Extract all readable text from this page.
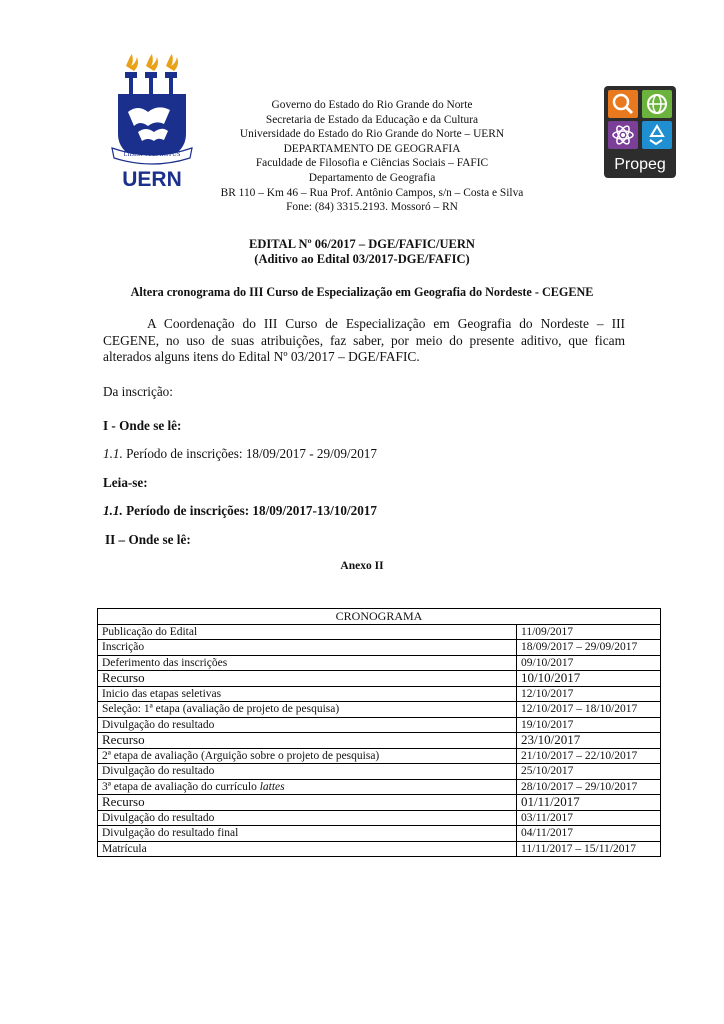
LIBER VI SPIRITUS
UERN
Propeg
Governo do Estado do Rio Grande do Norte
Secretaria de Estado da Educação e da Cultura
Universidade do Estado do Rio Grande do Norte – UERN
DEPARTAMENTO DE GEOGRAFIA
Faculdade de Filosofia e Ciências Sociais – FAFIC
Departamento de Geografia
BR 110 – Km 46 – Rua Prof. Antônio Campos, s/n – Costa e Silva
Fone: (84) 3315.2193. Mossoró – RN
EDITAL Nº 06/2017 – DGE/FAFIC/UERN
(Aditivo ao Edital 03/2017-DGE/FAFIC)
Altera cronograma do III Curso de Especialização em Geografia do Nordeste - CEGENE
A Coordenação do III Curso de Especialização em Geografia do Nordeste – III CEGENE, no uso de suas atribuições, faz saber, por meio do presente aditivo, que ficam alterados alguns itens do Edital Nº 03/2017 – DGE/FAFIC.
Da inscrição:
I - Onde se lê:
1.1. Período de inscrições: 18/09/2017 - 29/09/2017
Leia-se:
1.1. Período de inscrições: 18/09/2017-13/10/2017
II – Onde se lê:
Anexo II
CRONOGRAMA	
Publicação do Edital	11/09/2017
Inscrição	18/09/2017 – 29/09/2017
Deferimento das inscrições	09/10/2017
Recurso	10/10/2017
Inicio das etapas seletivas	12/10/2017
Seleção: 1ª etapa (avaliação de projeto de pesquisa)	12/10/2017 – 18/10/2017
Divulgação do resultado	19/10/2017
Recurso	23/10/2017
2ª etapa de avaliação (Arguição sobre o projeto de pesquisa)	21/10/2017 – 22/10/2017
Divulgação do resultado	25/10/2017
3ª etapa de avaliação do currículo lattes	28/10/2017 – 29/10/2017
Recurso	01/11/2017
Divulgação do resultado	03/11/2017
Divulgação do resultado final	04/11/2017
Matrícula	11/11/2017 – 15/11/2017
